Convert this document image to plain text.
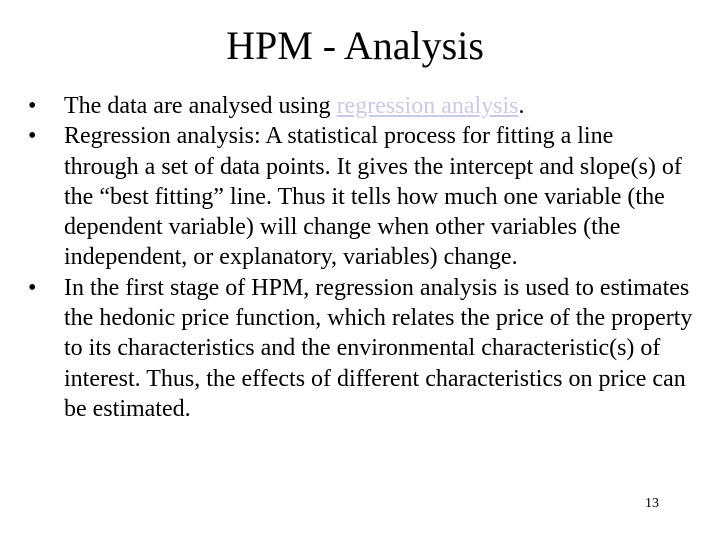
HPM - Analysis
•	The data are analysed using regression analysis.
•	Regression analysis: A statistical process for fitting a line through a set of data points. It gives the intercept and slope(s) of the “best fitting” line. Thus it tells how much one variable (the dependent variable) will change when other variables (the independent, or explanatory, variables) change.
•	In the first stage of HPM, regression analysis is used to estimates the hedonic price function, which relates the price of the property to its characteristics and the environmental characteristic(s) of interest. Thus, the effects of different characteristics on price can be estimated.
13
